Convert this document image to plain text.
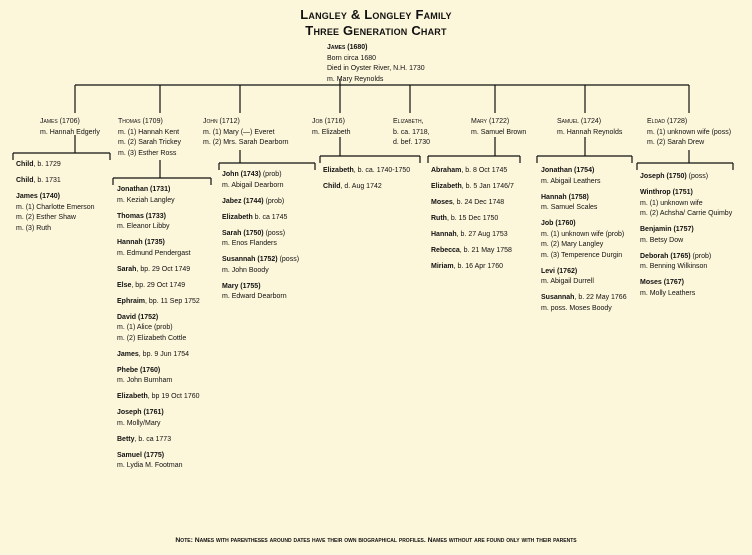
Langley & Longley Family
Three Generation Chart
James (1680)
Born circa 1680
Died in Oyster River, N.H. 1730
m. Mary Reynolds
James (1706)
m. Hannah Edgerly
Thomas (1709)
m. (1) Hannah Kent
m. (2) Sarah Trickey
m. (3) Esther Ross
John (1712)
m. (1) Mary (—) Everet
m. (2) Mrs. Sarah Dearborn
Job (1716)
m. Elizabeth
Elizabeth,
b. ca. 1718,
d. bef. 1730
Mary (1722)
m. Samuel Brown
Samuel (1724)
m. Hannah Reynolds
Eldad (1728)
m. (1) unknown wife (poss)
m. (2) Sarah Drew
Child, b. 1729
Child, b. 1731
James (1740)
m. (1) Charlotte Emerson
m. (2) Esther Shaw
m. (3) Ruth
Jonathan (1731)
m. Keziah Langley
Thomas (1733)
m. Eleanor Libby
Hannah (1735)
m. Edmund Pendergast
Sarah, bp. 29 Oct 1749
Else, bp. 29 Oct 1749
Ephraim, bp. 11 Sep 1752
David (1752)
m. (1) Alice (prob)
m. (2) Elizabeth Cottle
James, bp. 9 Jun 1754
Phebe (1760)
m. John Burnham
Elizabeth, bp 19 Oct 1760
Joseph (1761)
m. Molly/Mary
Betty, b. ca 1773
Samuel (1775)
m. Lydia M. Footman
John (1743) (prob)
m. Abigail Dearborn
Jabez (1744) (prob)
Elizabeth b. ca 1745
Sarah (1750) (poss)
m. Enos Flanders
Susannah (1752) (poss)
m. John Boody
Mary (1755)
m. Edward Dearborn
Elizabeth, b. ca. 1740-1750
Child, d. Aug 1742
Abraham, b. 8 Oct 1745
Elizabeth, b. 5 Jan 1746/7
Moses, b. 24 Dec 1748
Ruth, b. 15 Dec 1750
Hannah, b. 27 Aug 1753
Rebecca, b. 21 May 1758
Miriam, b. 16 Apr 1760
Jonathan (1754)
m. Abigail Leathers
Hannah (1758)
m. Samuel Scales
Job (1760)
m. (1) unknown wife (prob)
m. (2) Mary Langley
m. (3) Temperence Durgin
Levi (1762)
m. Abigail Durrell
Susannah, b. 22 May 1766
m. poss. Moses Boody
Joseph (1750) (poss)
Winthrop (1751)
m. (1) unknown wife
m. (2) Achsha/ Carrie Quimby
Benjamin (1757)
m. Betsy Dow
Deborah (1765) (prob)
m. Benning Wilkinson
Moses (1767)
m. Molly Leathers
Note: Names with parentheses around dates have their own biographical profiles. Names without are found only with their parents
